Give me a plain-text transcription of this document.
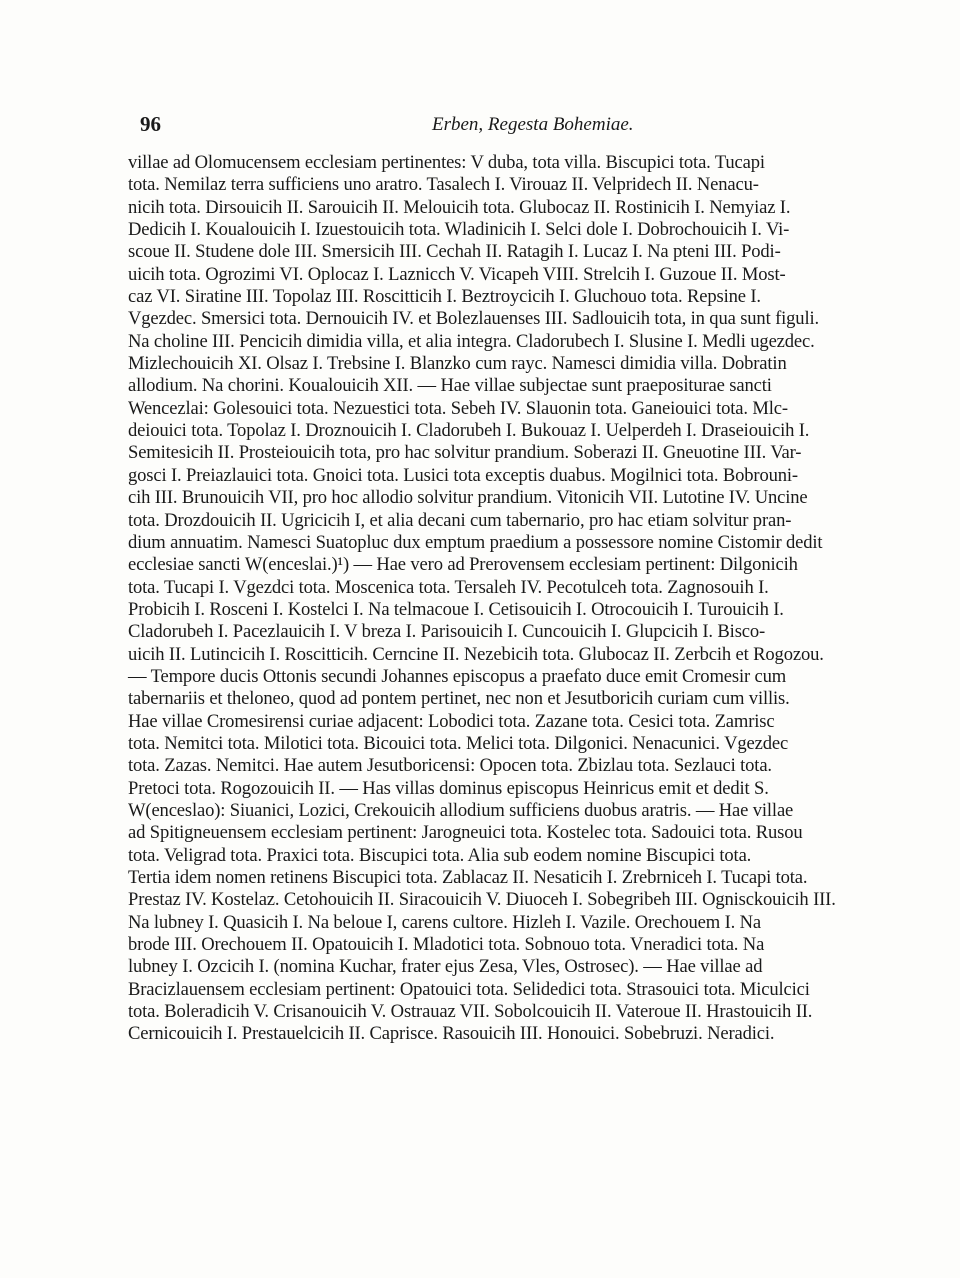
96	Erben, Regesta Bohemiae.
villae ad Olomucensem ecclesiam pertinentes: V duba, tota villa. Biscupici tota. Tucapi
tota. Nemilaz terra sufficiens uno aratro. Tasalech I. Virouaz II. Velpridech II. Nenacu-
nicih tota. Dirsouicih II. Sarouicih II. Melouicih tota. Glubocaz II. Rostinicih I. Nemyiaz I.
Dedicih I. Koualouicih I. Izuestouicih tota. Wladinicih I. Selci dole I. Dobrochouicih I. Vi-
scoue II. Studene dole III. Smersicih III. Cechah II. Ratagih I. Lucaz I. Na pteni III. Podi-
uicih tota. Ogrozimi VI. Oplocaz I. Laznicch V. Vicapeh VIII. Strelcih I. Guzoue II. Most-
caz VI. Siratine III. Topolaz III. Roscitticih I. Beztroycicih I. Gluchouo tota. Repsine I.
Vgezdec. Smersici tota. Dernouicih IV. et Bolezlauenses III. Sadlouicih tota, in qua sunt figuli.
Na choline III. Pencicih dimidia villa, et alia integra. Cladorubech I. Slusine I. Medli ugezdec.
Mizlechouicih XI. Olsaz I. Trebsine I. Blanzko cum rayc. Namesci dimidia villa. Dobratin
allodium. Na chorini. Koualouicih XII. — Hae villae subjectae sunt praepositurae sancti
Wencezlai: Golesouici tota. Nezuestici tota. Sebeh IV. Slauonin tota. Ganeiouici tota. Mlc-
deiouici tota. Topolaz I. Droznouicih I. Cladorubeh I. Bukouaz I. Uelperdeh I. Draseiouicih I.
Semitesicih II. Prosteiouicih tota, pro hac solvitur prandium. Soberazi II. Gneuotine III. Var-
gosci I. Preiazlauici tota. Gnoici tota. Lusici tota exceptis duabus. Mogilnici tota. Bobrouni-
cih III. Brunouicih VII, pro hoc allodio solvitur prandium. Vitonicih VII. Lutotine IV. Uncine
tota. Drozdouicih II. Ugricicih I, et alia decani cum tabernario, pro hac etiam solvitur pran-
dium annuatim. Namesci Suatopluc dux emptum praedium a possessore nomine Cistomir dedit
ecclesiae sancti W(enceslai.)¹) — Hae vero ad Prerovensem ecclesiam pertinent: Dilgonicih
tota. Tucapi I. Vgezdci tota. Moscenica tota. Tersaleh IV. Pecotulceh tota. Zagnosouih I.
Probicih I. Rosceni I. Kostelci I. Na telmacoue I. Cetisouicih I. Otrocouicih I. Turouicih I.
Cladorubeh I. Pacezlauicih I. V breza I. Parisouicih I. Cuncouicih I. Glupcicih I. Bisco-
uicih II. Lutincicih I. Roscitticih. Cerncine II. Nezebicih tota. Glubocaz II. Zerbcih et Rogozou.
— Tempore ducis Ottonis secundi Johannes episcopus a praefato duce emit Cromesir cum
tabernariis et theloneo, quod ad pontem pertinet, nec non et Jesutboricih curiam cum villis.
Hae villae Cromesirensi curiae adjacent: Lobodici tota. Zazane tota. Cesici tota. Zamrisc
tota. Nemitci tota. Milotici tota. Bicouici tota. Melici tota. Dilgonici. Nenacunici. Vgezdec
tota. Zazas. Nemitci. Hae autem Jesutboricensi: Opocen tota. Zbizlau tota. Sezlauci tota.
Pretoci tota. Rogozouicih II. — Has villas dominus episcopus Heinricus emit et dedit S.
W(enceslao): Siuanici, Lozici, Crekouicih allodium sufficiens duobus aratris. — Hae villae
ad Spitigneuensem ecclesiam pertinent: Jarogneuici tota. Kostelec tota. Sadouici tota. Rusou
tota. Veligrad tota. Praxici tota. Biscupici tota. Alia sub eodem nomine Biscupici tota.
Tertia idem nomen retinens Biscupici tota. Zablacaz II. Nesaticih I. Zrebrniceh I. Tucapi tota.
Prestaz IV. Kostelaz. Cetohouicih II. Siracouicih V. Diuoceh I. Sobegribeh III. Ognisckouicih III.
Na lubney I. Quasicih I. Na beloue I, carens cultore. Hizleh I. Vazile. Orechouem I. Na
brode III. Orechouem II. Opatouicih I. Mladotici tota. Sobnouo tota. Vneradici tota. Na
lubney I. Ozcicih I. (nomina Kuchar, frater ejus Zesa, Vles, Ostrosec). — Hae villae ad
Bracizlauensem ecclesiam pertinent: Opatouici tota. Selidedici tota. Strasouici tota. Miculcici
tota. Boleradicih V. Crisanouicih V. Ostrauaz VII. Sobolcouicih II. Vateroue II. Hrastouicih II.
Cernicouicih I. Prestauelcicih II. Caprisce. Rasouicih III. Honouici. Sobebruzi. Neradici.
